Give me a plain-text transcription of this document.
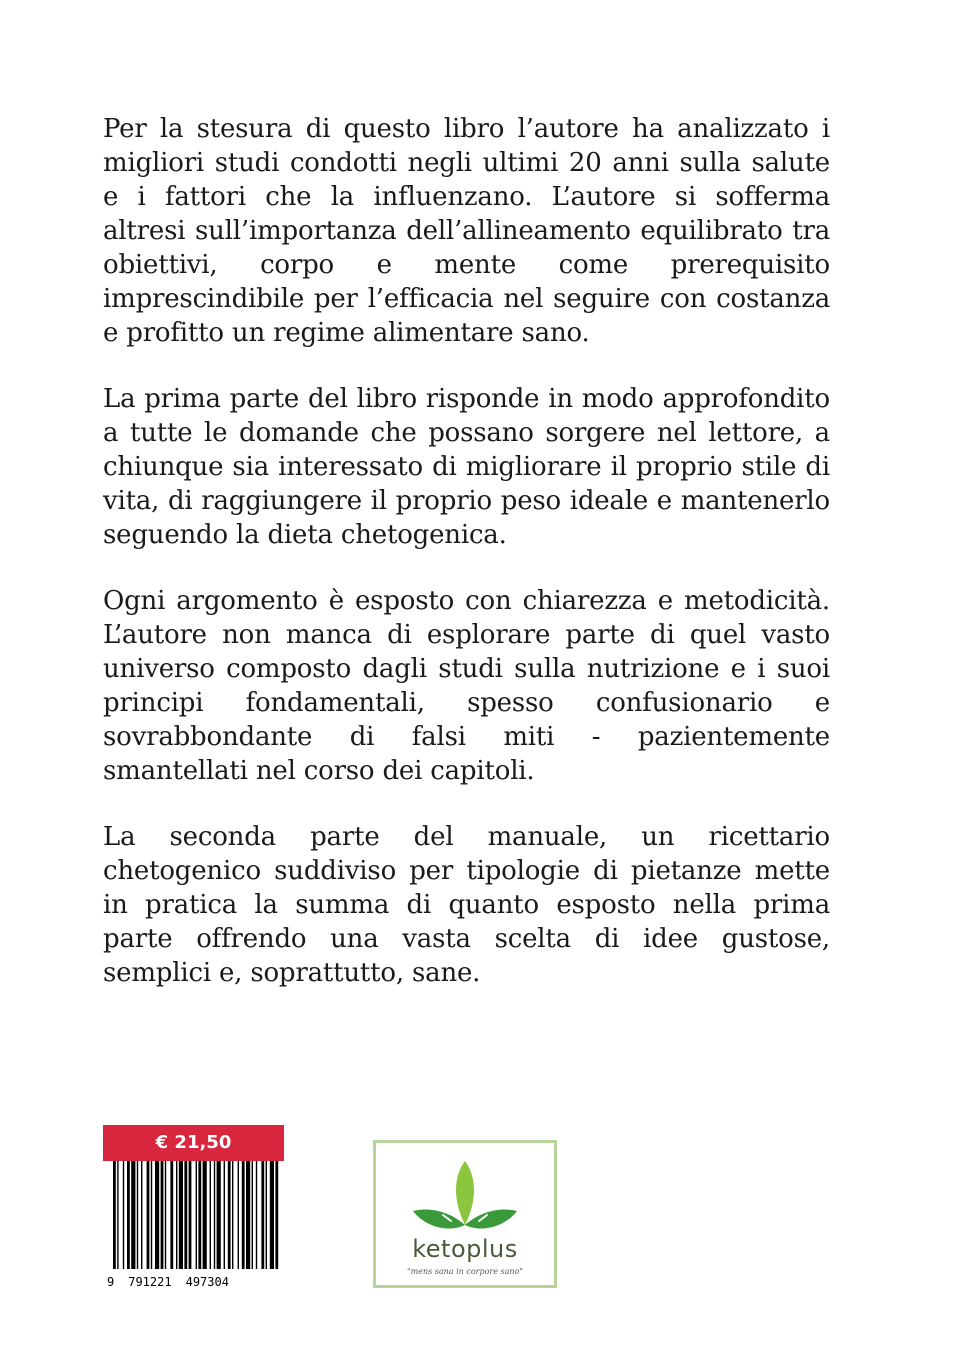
Per la stesura di questo libro l’autore ha analizzato i migliori studi condotti negli ultimi 20 anni sulla salute e i fattori che la influenzano. L’autore si sofferma altresi sull’importanza dell’allineamento equilibrato tra obiettivi, corpo e mente come prerequisito imprescindibile per l’efficacia nel seguire con costanza e profitto un regime alimentare sano.

La prima parte del libro risponde in modo approfondito a tutte le domande che possano sorgere nel lettore, a chiunque sia interessato di migliorare il proprio stile di vita, di raggiungere il proprio peso ideale e mantenerlo seguendo la dieta chetogenica.

Ogni argomento è esposto con chiarezza e metodicità. L’autore non manca di esplorare parte di quel vasto universo composto dagli studi sulla nutrizione e i suoi principi fondamentali, spesso confusionario e sovrabbondante di falsi miti - pazientemente smantellati nel corso dei capitoli.

La seconda parte del manuale, un ricettario chetogenico suddiviso per tipologie di pietanze mette in pratica la summa di quanto esposto nella prima parte offrendo una vasta scelta di idee gustose, semplici e, soprattutto, sane.

€ 21,50
9 791221 497304
ketoplus
"mens sana in corpore sano"
